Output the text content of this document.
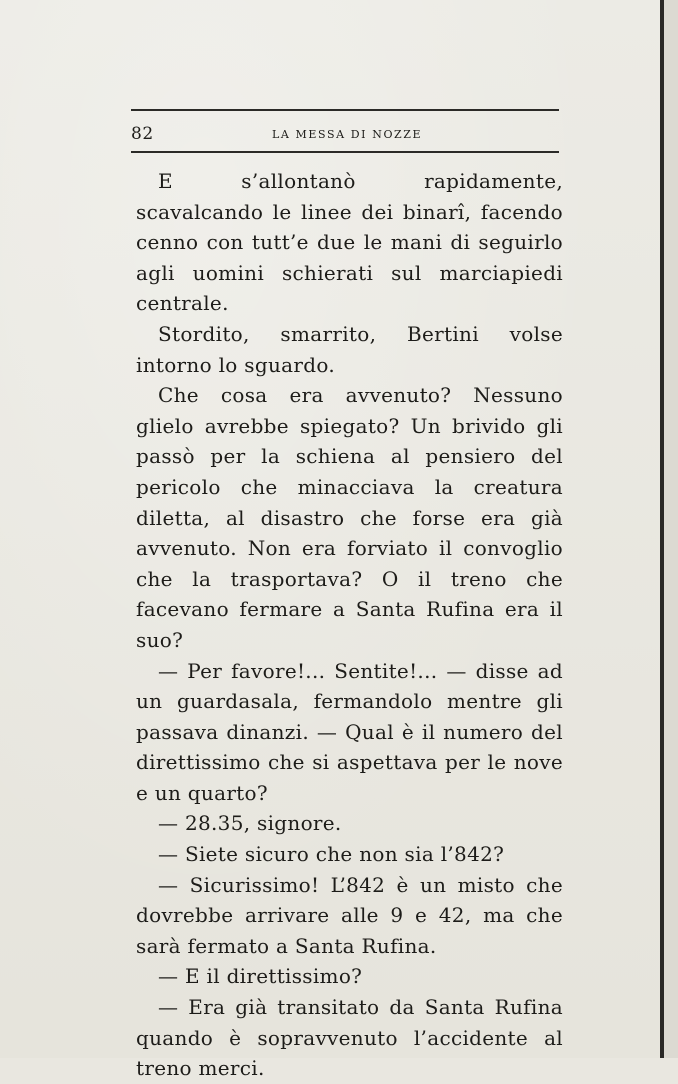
82	LA MESSA DI NOZZE

E s’allontanò rapidamente, scavalcando le linee dei binarî, facendo cenno con tutt’e due le mani di seguirlo agli uomini schierati sul marciapiedi centrale.

Stordito, smarrito, Bertini volse intorno lo sguardo.

Che cosa era avvenuto? Nessuno glielo avrebbe spiegato? Un brivido gli passò per la schiena al pensiero del pericolo che minacciava la creatura diletta, al disastro che forse era già avvenuto. Non era forviato il convoglio che la trasportava? O il treno che facevano fermare a Santa Rufina era il suo?

— Per favore!... Sentite!... — disse ad un guardasala, fermandolo mentre gli passava dinanzi. — Qual è il numero del direttissimo che si aspettava per le nove e un quarto?

— 28.35, signore.

— Siete sicuro che non sia l’842?

— Sicurissimo! L’842 è un misto che dovrebbe arrivare alle 9 e 42, ma che sarà fermato a Santa Rufina.

— E il direttissimo?

— Era già transitato da Santa Rufina quando è sopravvenuto l’accidente al treno merci.
